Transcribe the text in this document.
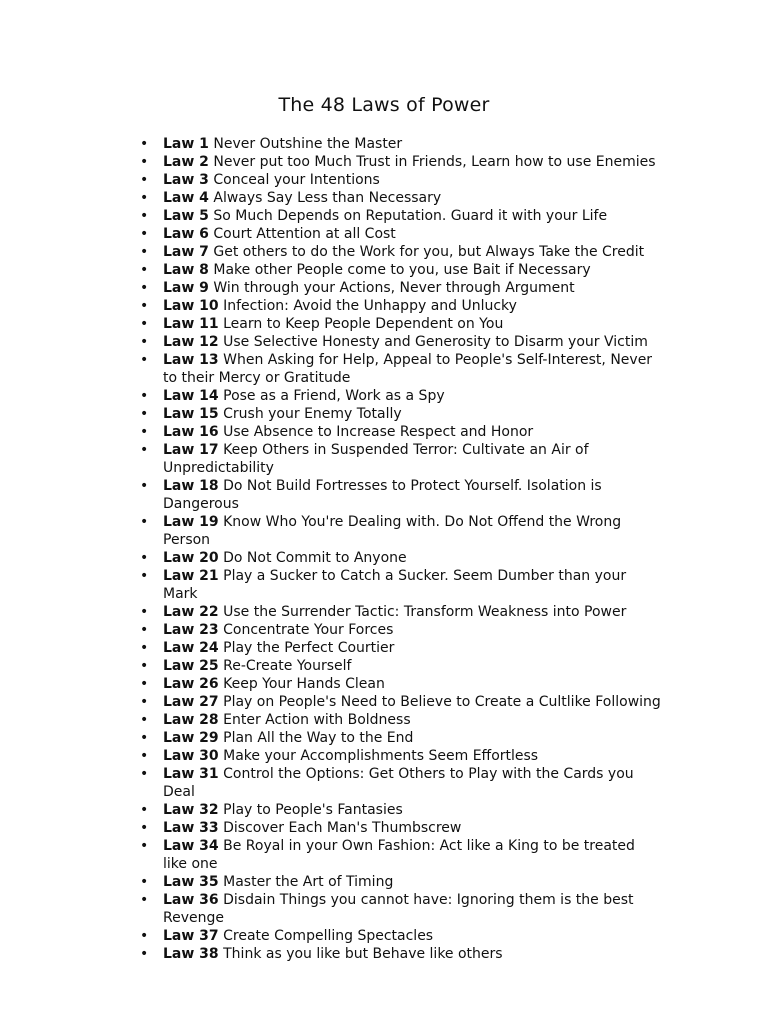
The 48 Laws of Power
• Law 1 Never Outshine the Master
• Law 2 Never put too Much Trust in Friends, Learn how to use Enemies
• Law 3 Conceal your Intentions
• Law 4 Always Say Less than Necessary
• Law 5 So Much Depends on Reputation. Guard it with your Life
• Law 6 Court Attention at all Cost
• Law 7 Get others to do the Work for you, but Always Take the Credit
• Law 8 Make other People come to you, use Bait if Necessary
• Law 9 Win through your Actions, Never through Argument
• Law 10 Infection: Avoid the Unhappy and Unlucky
• Law 11 Learn to Keep People Dependent on You
• Law 12 Use Selective Honesty and Generosity to Disarm your Victim
• Law 13 When Asking for Help, Appeal to People's Self-Interest, Never to their Mercy or Gratitude
• Law 14 Pose as a Friend, Work as a Spy
• Law 15 Crush your Enemy Totally
• Law 16 Use Absence to Increase Respect and Honor
• Law 17 Keep Others in Suspended Terror: Cultivate an Air of Unpredictability
• Law 18 Do Not Build Fortresses to Protect Yourself. Isolation is Dangerous
• Law 19 Know Who You're Dealing with. Do Not Offend the Wrong Person
• Law 20 Do Not Commit to Anyone
• Law 21 Play a Sucker to Catch a Sucker. Seem Dumber than your Mark
• Law 22 Use the Surrender Tactic: Transform Weakness into Power
• Law 23 Concentrate Your Forces
• Law 24 Play the Perfect Courtier
• Law 25 Re-Create Yourself
• Law 26 Keep Your Hands Clean
• Law 27 Play on People's Need to Believe to Create a Cultlike Following
• Law 28 Enter Action with Boldness
• Law 29 Plan All the Way to the End
• Law 30 Make your Accomplishments Seem Effortless
• Law 31 Control the Options: Get Others to Play with the Cards you Deal
• Law 32 Play to People's Fantasies
• Law 33 Discover Each Man's Thumbscrew
• Law 34 Be Royal in your Own Fashion: Act like a King to be treated like one
• Law 35 Master the Art of Timing
• Law 36 Disdain Things you cannot have: Ignoring them is the best Revenge
• Law 37 Create Compelling Spectacles
• Law 38 Think as you like but Behave like others
